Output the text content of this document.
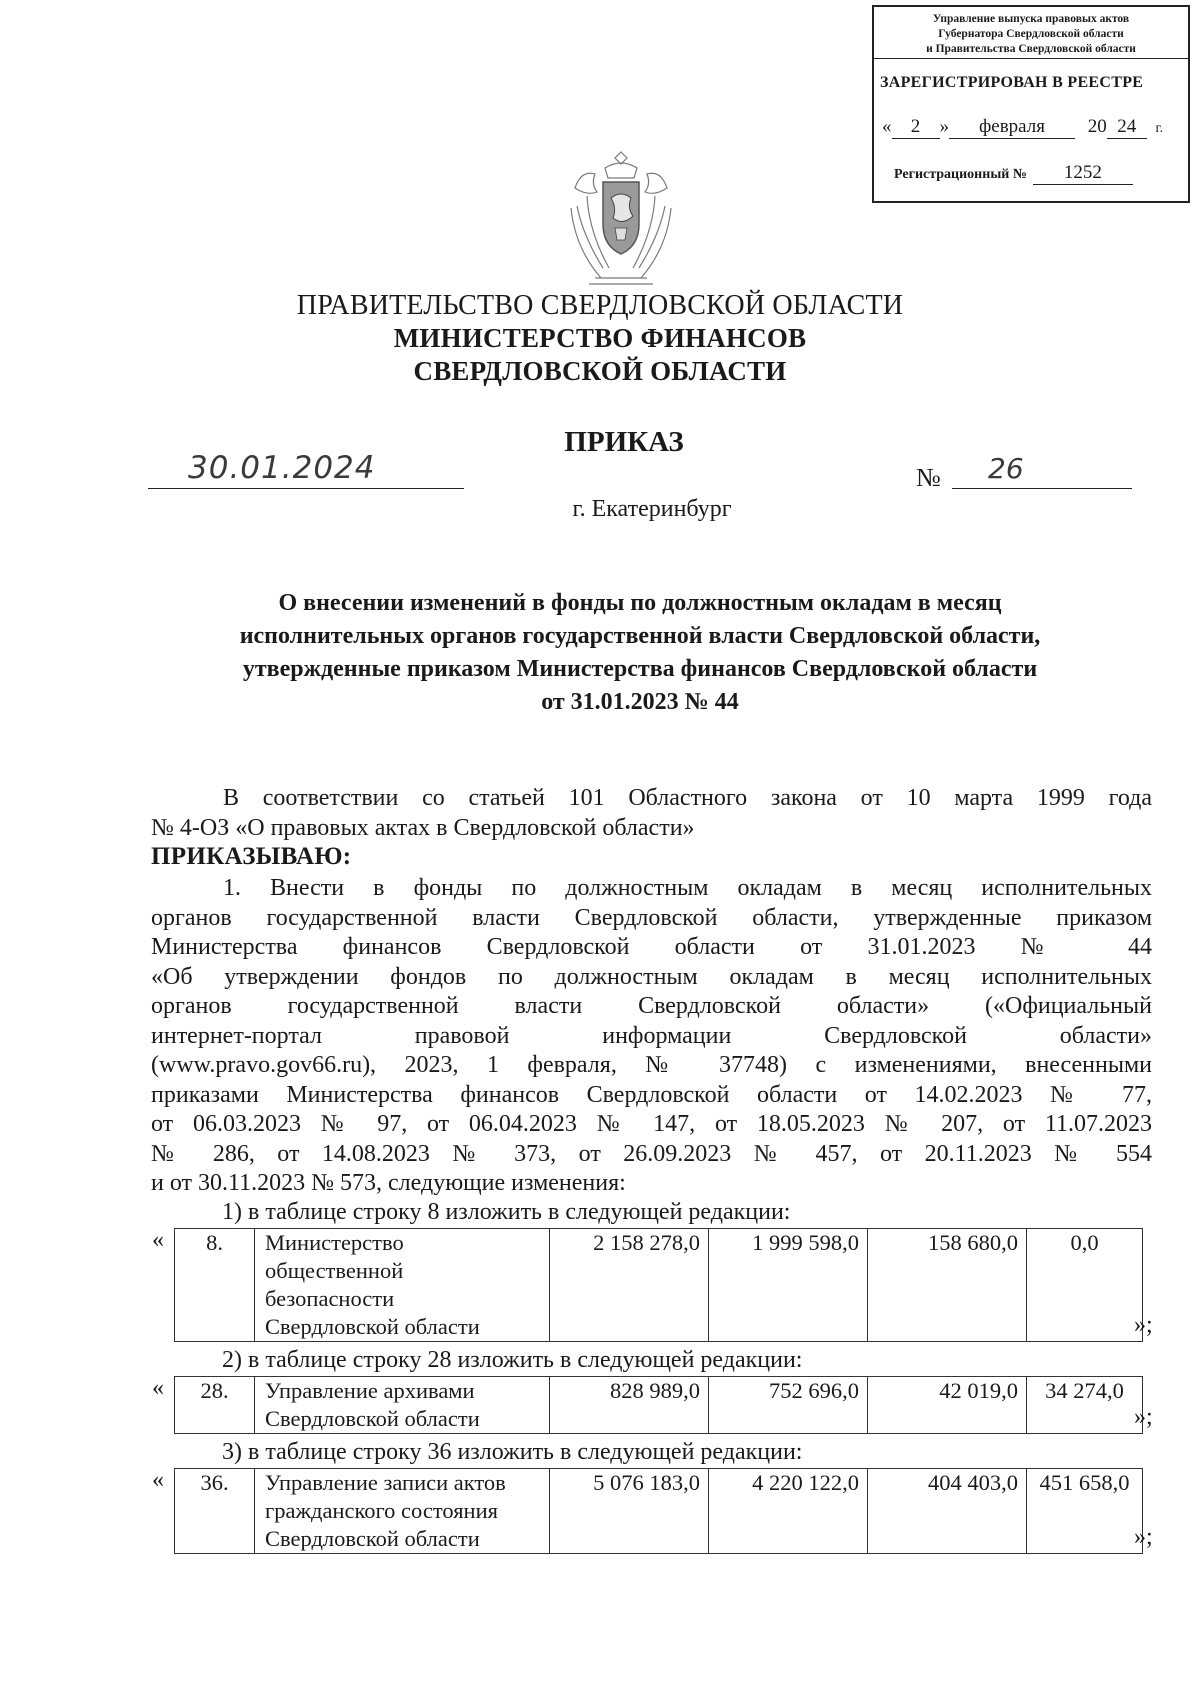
Управление выпуска правовых актов
Губернатора Свердловской области
и Правительства Свердловской области
ЗАРЕГИСТРИРОВАН В РЕЕСТРЕ
« 2 » февраля 20 24 г.
Регистрационный № 1252
ПРАВИТЕЛЬСТВО СВЕРДЛОВСКОЙ ОБЛАСТИ
МИНИСТЕРСТВО ФИНАНСОВ
СВЕРДЛОВСКОЙ ОБЛАСТИ
ПРИКАЗ
30.01.2024	№ 26
г. Екатеринбург
О внесении изменений в фонды по должностным окладам в месяц
исполнительных органов государственной власти Свердловской области,
утвержденные приказом Министерства финансов Свердловской области
от 31.01.2023 № 44
В соответствии со статьей 101 Областного закона от 10 марта 1999 года
№ 4-ОЗ «О правовых актах в Свердловской области»
ПРИКАЗЫВАЮ:
1. Внести в фонды по должностным окладам в месяц исполнительных
органов государственной власти Свердловской области, утвержденные приказом
Министерства финансов Свердловской области от 31.01.2023 № 44
«Об утверждении фондов по должностным окладам в месяц исполнительных
органов государственной власти Свердловской области» («Официальный
интернет-портал правовой информации Свердловской области»
(www.pravo.gov66.ru), 2023, 1 февраля, № 37748) с изменениями, внесенными
приказами Министерства финансов Свердловской области от 14.02.2023 № 77,
от 06.03.2023 № 97, от 06.04.2023 № 147, от 18.05.2023 № 207, от 11.07.2023
№ 286, от 14.08.2023 № 373, от 26.09.2023 № 457, от 20.11.2023 № 554
и от 30.11.2023 № 573, следующие изменения:
1) в таблице строку 8 изложить в следующей редакции:
« 8.	Министерство
общественной
безопасности
Свердловской области
	2 158 278,0	1 999 598,0	158 680,0	0,0
»;
2) в таблице строку 28 изложить в следующей редакции:
« 28.	Управление архивами
Свердловской области
	828 989,0	752 696,0	42 019,0	34 274,0
»;
3) в таблице строку 36 изложить в следующей редакции:
« 36.	Управление записи актов
гражданского состояния
Свердловской области
	5 076 183,0	4 220 122,0	404 403,0	451 658,0
»;
